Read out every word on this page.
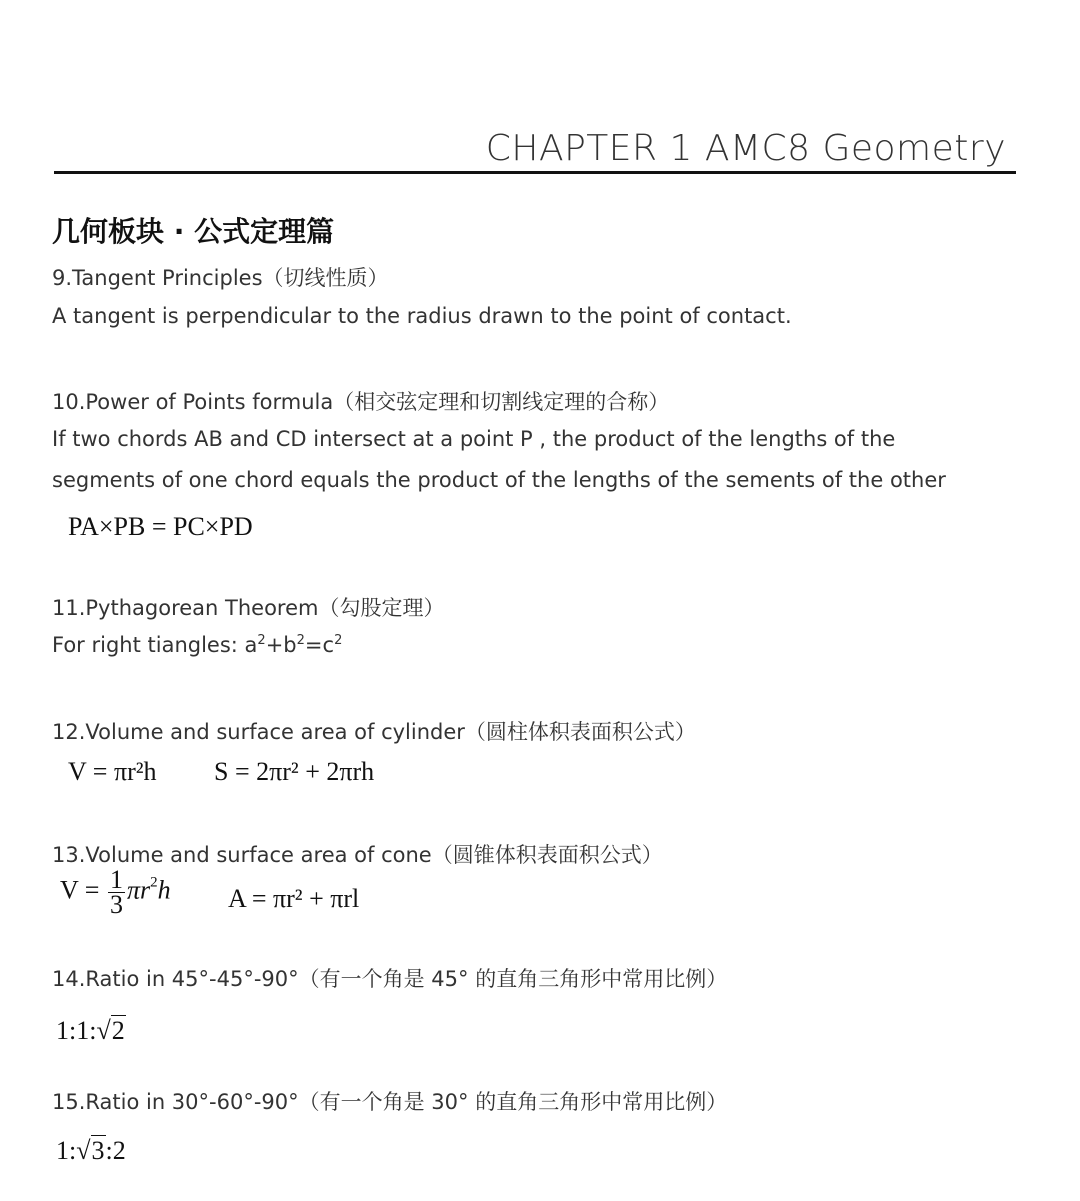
CHAPTER 1 AMC8 Geometry
几何板块 · 公式定理篇
9.Tangent Principles（切线性质）
A tangent is perpendicular to the radius drawn to the point of contact.
10.Power of Points formula（相交弦定理和切割线定理的合称）
If two chords AB and CD intersect at a point P , the product of the lengths of the
segments of one chord equals the product of the lengths of the sements of the other
PA×PB = PC×PD
11.Pythagorean Theorem（勾股定理）
For right tiangles: $a^2+b^2=c^2$
12.Volume and surface area of cylinder（圆柱体积表面积公式）
V = πr²h S = 2πr² + 2πrh
13.Volume and surface area of cone（圆锥体积表面积公式）
$V = \frac{1}{3} \pi r^2h$ A = πr² + πrl
14.Ratio in 45°-45°-90°（有一个角是 45° 的直角三角形中常用比例）
1:1:√2
15.Ratio in 30°-60°-90°（有一个角是 30° 的直角三角形中常用比例）
1:√3:2
